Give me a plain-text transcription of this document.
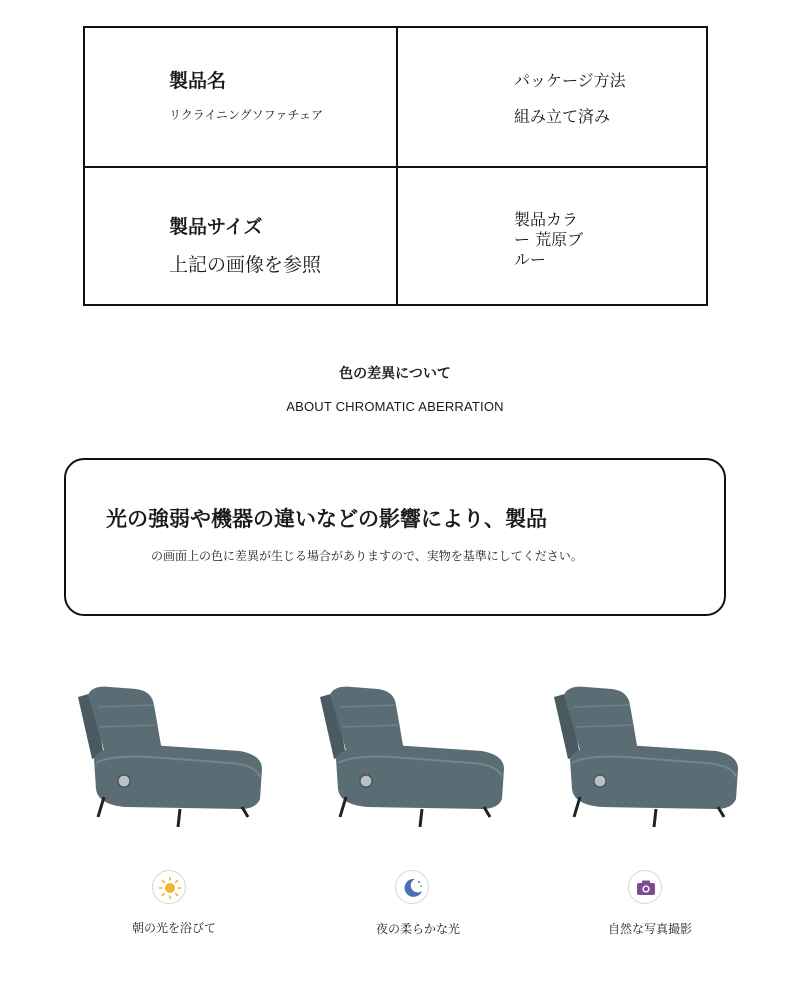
製品名
リクライニングソファチェア
パッケージ方法
組み立て済み
製品サイズ
上記の画像を参照
製品カラ
ー 荒原ブ
ルー
色の差異について
ABOUT CHROMATIC ABERRATION
光の強弱や機器の違いなどの影響により、製品
の画面上の色に差異が生じる場合がありますので、実物を基準にしてください。
朝の光を浴びて	夜の柔らかな光	自然な写真撮影
